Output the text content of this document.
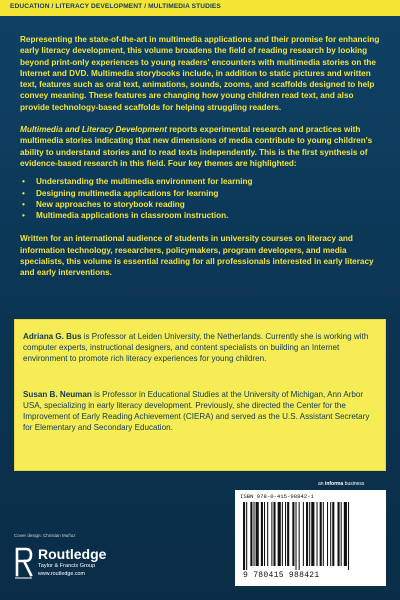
EDUCATION / LITERACY DEVELOPMENT / MULTIMEDIA STUDIES

Representing the state-of-the-art in multimedia applications and their promise for enhancing early literacy development, this volume broadens the field of reading research by looking beyond print-only experiences to young readers' encounters with multimedia stories on the Internet and DVD. Multimedia storybooks include, in addition to static pictures and written text, features such as oral text, animations, sounds, zooms, and scaffolds designed to help convey meaning. These features are changing how young children read text, and also provide technology-based scaffolds for helping struggling readers.

Multimedia and Literacy Development reports experimental research and practices with multimedia stories indicating that new dimensions of media contribute to young children's ability to understand stories and to read texts independently. This is the first synthesis of evidence-based research in this field. Four key themes are highlighted:

• Understanding the multimedia environment for learning
• Designing multimedia applications for learning
• New approaches to storybook reading
• Multimedia applications in classroom instruction.

Written for an international audience of students in university courses on literacy and information technology, researchers, policymakers, program developers, and media specialists, this volume is essential reading for all professionals interested in early literacy and early interventions.

Adriana G. Bus is Professor at Leiden University, the Netherlands. Currently she is working with computer experts, instructional designers, and content specialists on building an Internet environment to promote rich literacy experiences for young children.

Susan B. Neuman is Professor in Educational Studies at the University of Michigan, Ann Arbor USA, specializing in early literacy development. Previously, she directed the Center for the Improvement of Early Reading Achievement (CIERA) and served as the U.S. Assistant Secretary for Elementary and Secondary Education.

an informa business
Cover design: Christian Muñoz
Routledge
Taylor & Francis Group
www.routledge.com
ISBN 978-0-415-98842-1
9 780415 988421
